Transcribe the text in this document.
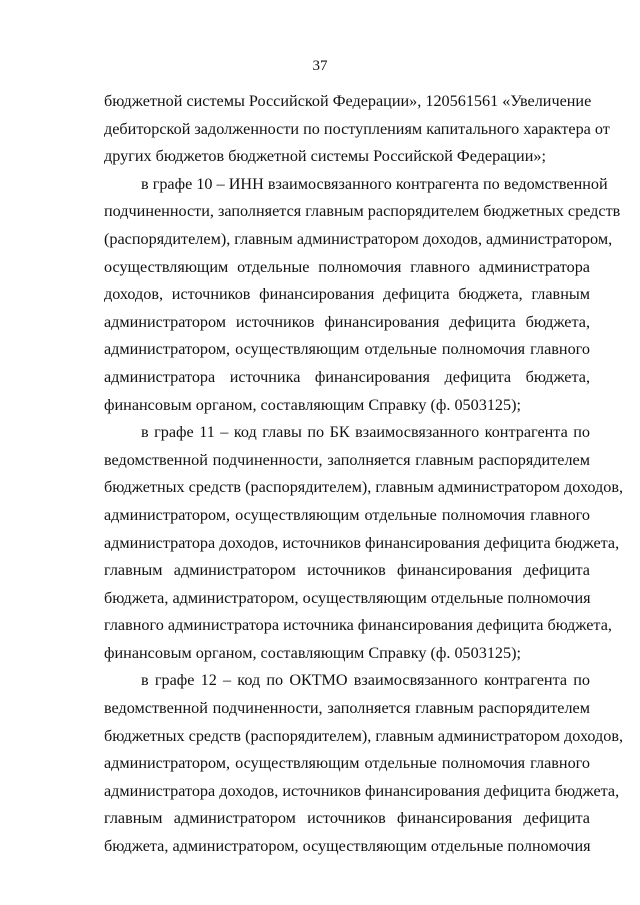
37
бюджетной системы Российской Федерации», 120561561 «Увеличение
дебиторской задолженности по поступлениям капитального характера от
других бюджетов бюджетной системы Российской Федерации»;
в графе 10 – ИНН взаимосвязанного контрагента по ведомственной
подчиненности, заполняется главным распорядителем бюджетных средств
(распорядителем), главным администратором доходов, администратором,
осуществляющим отдельные полномочия главного администратора
доходов, источников финансирования дефицита бюджета, главным
администратором источников финансирования дефицита бюджета,
администратором, осуществляющим отдельные полномочия главного
администратора источника финансирования дефицита бюджета,
финансовым органом, составляющим Справку (ф. 0503125);
в графе 11 – код главы по БК взаимосвязанного контрагента по
ведомственной подчиненности, заполняется главным распорядителем
бюджетных средств (распорядителем), главным администратором доходов,
администратором, осуществляющим отдельные полномочия главного
администратора доходов, источников финансирования дефицита бюджета,
главным администратором источников финансирования дефицита
бюджета, администратором, осуществляющим отдельные полномочия
главного администратора источника финансирования дефицита бюджета,
финансовым органом, составляющим Справку (ф. 0503125);
в графе 12 – код по ОКТМО взаимосвязанного контрагента по
ведомственной подчиненности, заполняется главным распорядителем
бюджетных средств (распорядителем), главным администратором доходов,
администратором, осуществляющим отдельные полномочия главного
администратора доходов, источников финансирования дефицита бюджета,
главным администратором источников финансирования дефицита
бюджета, администратором, осуществляющим отдельные полномочия
